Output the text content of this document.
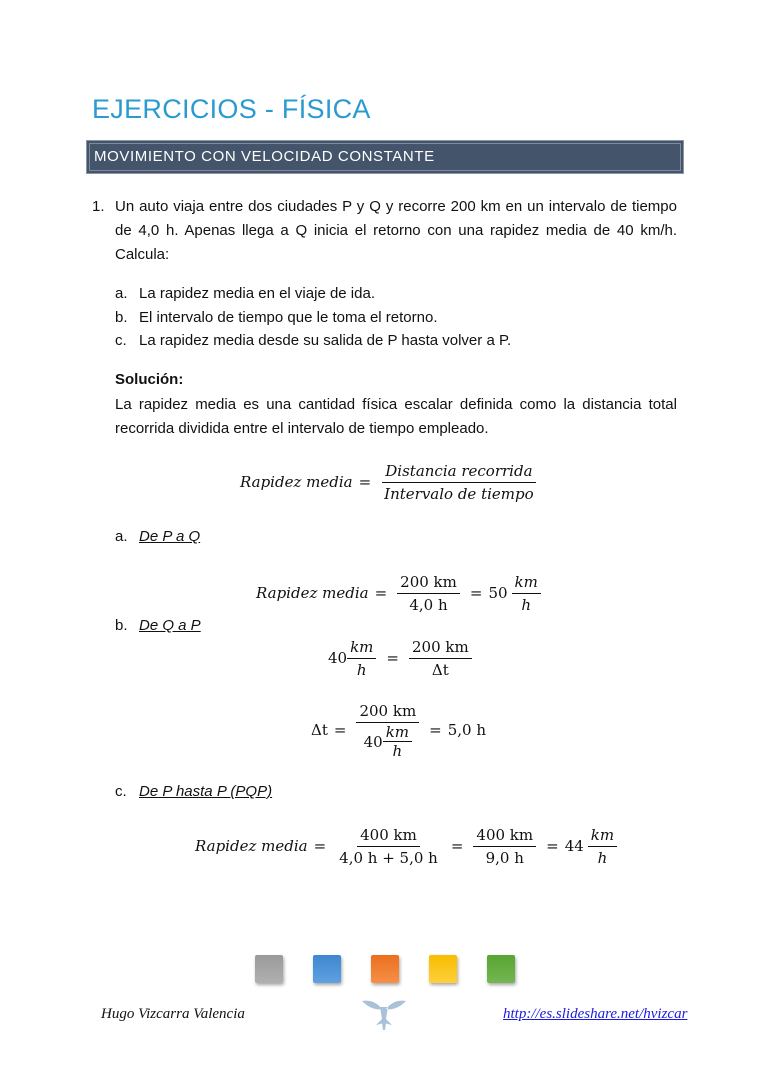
EJERCICIOS - FÍSICA
MOVIMIENTO CON VELOCIDAD CONSTANTE
1. Un auto viaja entre dos ciudades P y Q y recorre 200 km en un intervalo de tiempo de 4,0 h. Apenas llega a Q inicia el retorno con una rapidez media de 40 km/h. Calcula:
a. La rapidez media en el viaje de ida.
b. El intervalo de tiempo que le toma el retorno.
c. La rapidez media desde su salida de P hasta volver a P.
Solución:
La rapidez media es una cantidad física escalar definida como la distancia total recorrida dividida entre el intervalo de tiempo empleado.
Rapidez media = $\frac{\text{Distancia recorrida}}{\text{Intervalo de tiempo}}$
a. De P a Q
Rapidez media = $\frac{200 km}{4,0 h} = 50 \frac{km}{h}$
b. De Q a P
$40 \frac{km}{h} = \frac{200 km}{\Delta t}$
$\Delta t = \frac{200 km}{40 \frac{km}{h}} = 5,0$ h
c. De P hasta P (PQP)
Rapidez media = $\frac{400 km}{4,0 h + 5,0 h} = \frac{400 km}{9,0 h} = 44 \frac{km}{h}$
Hugo Vizcarra Valencia	http://es.slideshare.net/hvizcar
